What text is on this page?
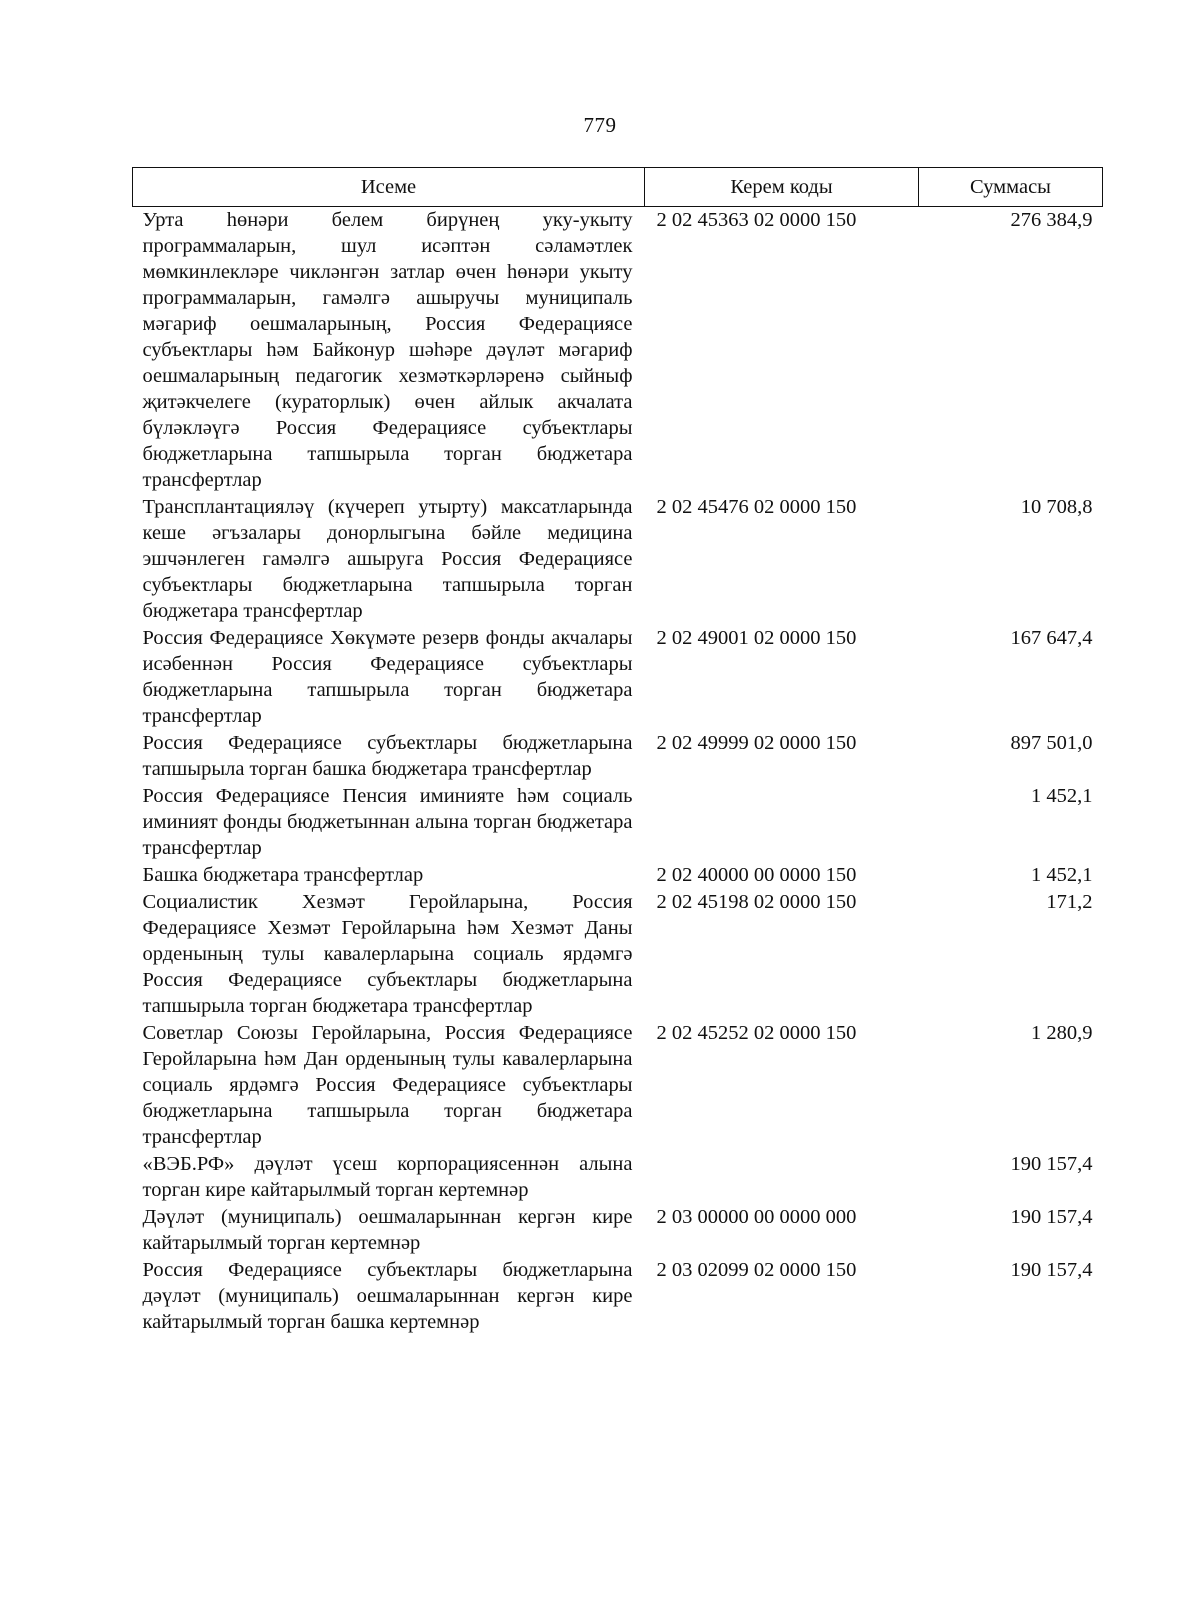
779
Исеме	Керем коды	Суммасы
Урта һөнәри белем бирүнең уку-укыту программаларын, шул исәптән сәламәтлек мөмкинлекләре чикләнгән затлар өчен һөнәри укыту программаларын, гамәлгә ашыручы муниципаль мәгариф оешмаларының, Россия Федерациясе субъектлары һәм Байконур шәһәре дәүләт мәгариф оешмаларының педагогик хезмәткәрләренә сыйныф җитәкчелеге (кураторлык) өчен айлык акчалата бүләкләүгә Россия Федерациясе субъектлары бюджетларына тапшырыла торган бюджетара трансфертлар	2 02 45363 02 0000 150	276 384,9
Трансплантацияләү (күчереп утырту) максатларында кеше әгъзалары донорлыгына бәйле медицина эшчәнлеген гамәлгә ашыруга Россия Федерациясе субъектлары бюджетларына тапшырыла торган бюджетара трансфертлар	2 02 45476 02 0000 150	10 708,8
Россия Федерациясе Хөкүмәте резерв фонды акчалары исәбеннән Россия Федерациясе субъектлары бюджетларына тапшырыла торган бюджетара трансфертлар	2 02 49001 02 0000 150	167 647,4
Россия Федерациясе субъектлары бюджетларына тапшырыла торган башка бюджетара трансфертлар	2 02 49999 02 0000 150	897 501,0
Россия Федерациясе Пенсия иминияте һәм социаль иминият фонды бюджетыннан алына торган бюджетара трансфертлар		1 452,1
Башка бюджетара трансфертлар	2 02 40000 00 0000 150	1 452,1
Социалистик Хезмәт Геройларына, Россия Федерациясе Хезмәт Геройларына һәм Хезмәт Даны орденының тулы кавалерларына социаль ярдәмгә Россия Федерациясе субъектлары бюджетларына тапшырыла торган бюджетара трансфертлар	2 02 45198 02 0000 150	171,2
Советлар Союзы Геройларына, Россия Федерациясе Геройларына һәм Дан орденының тулы кавалерларына социаль ярдәмгә Россия Федерациясе субъектлары бюджетларына тапшырыла торган бюджетара трансфертлар	2 02 45252 02 0000 150	1 280,9
«ВЭБ.РФ» дәүләт үсеш корпорациясеннән алына торган кире кайтарылмый торган кертемнәр		190 157,4
Дәүләт (муниципаль) оешмаларыннан кергән кире кайтарылмый торган кертемнәр	2 03 00000 00 0000 000	190 157,4
Россия Федерациясе субъектлары бюджетларына дәүләт (муниципаль) оешмаларыннан кергән кире кайтарылмый торган башка кертемнәр	2 03 02099 02 0000 150	190 157,4
